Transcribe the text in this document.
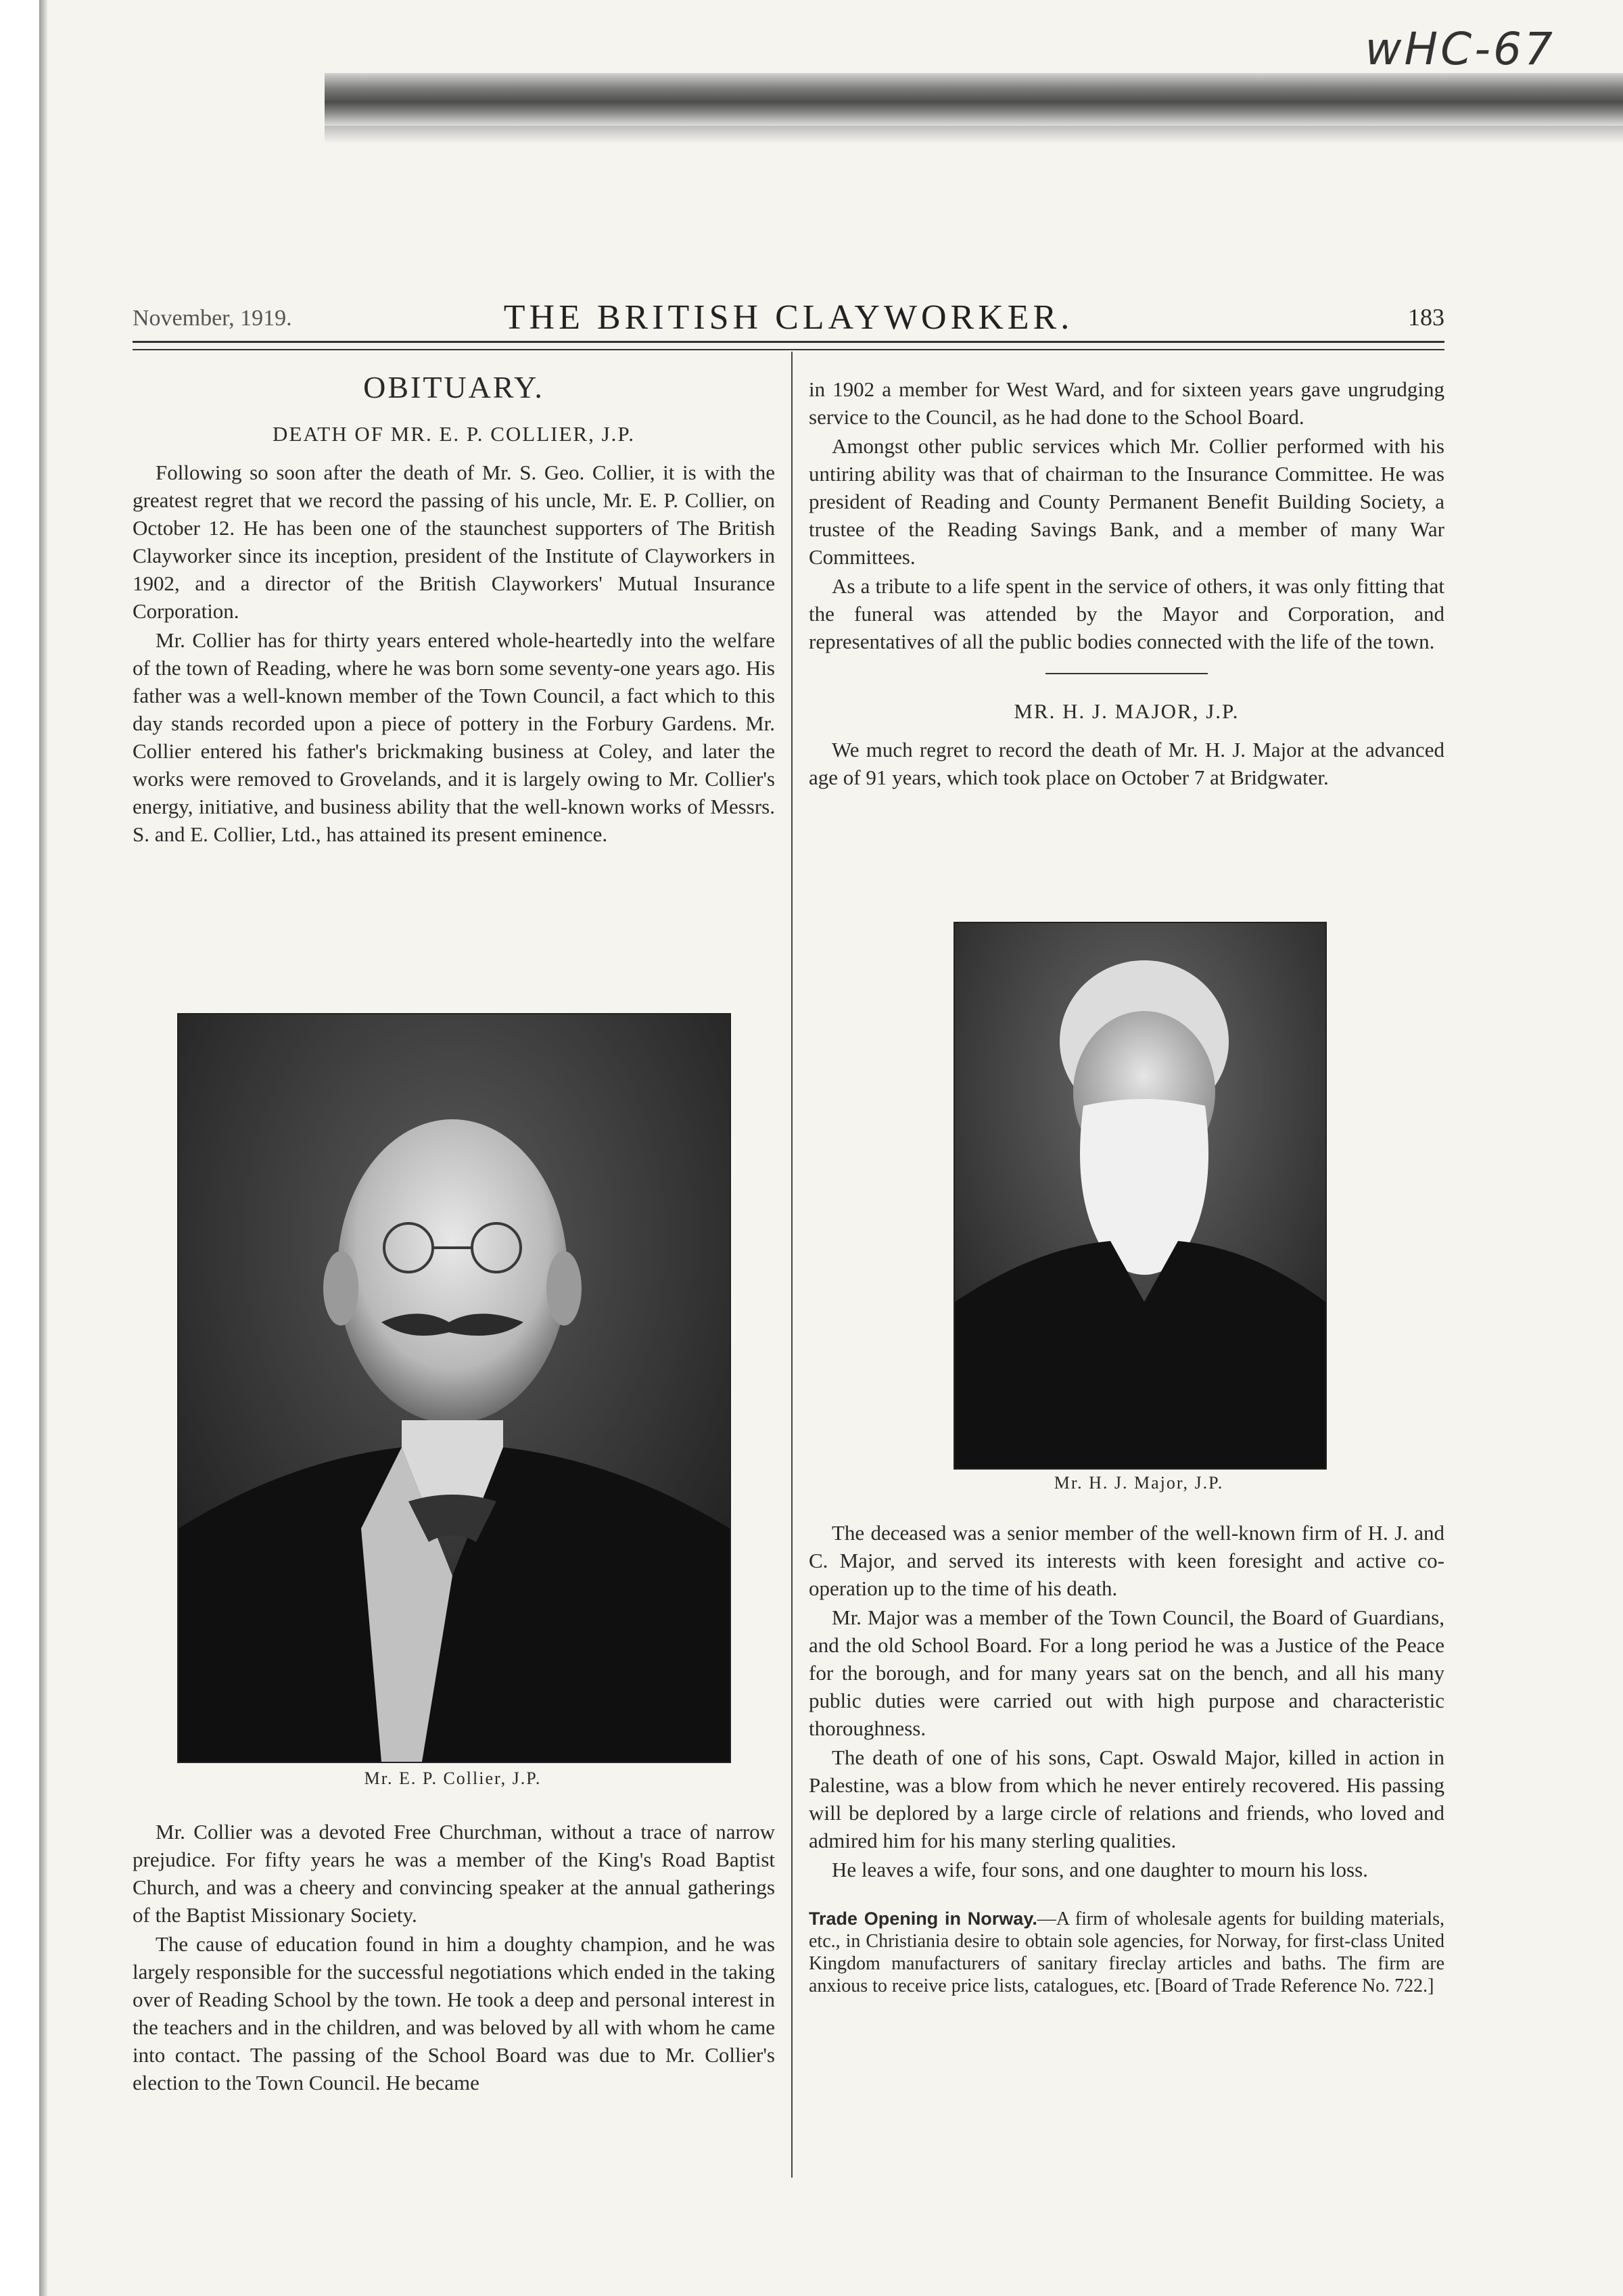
wHC-67
November, 1919.	THE BRITISH CLAYWORKER.	183
OBITUARY.
DEATH OF MR. E. P. COLLIER, J.P.

Following so soon after the death of Mr. S. Geo. Collier, it is with the greatest regret that we record the passing of his uncle, Mr. E. P. Collier, on October 12. He has been one of the staunchest supporters of The British Clayworker since its inception, president of the Institute of Clayworkers in 1902, and a director of the British Clayworkers' Mutual Insurance Corporation.

Mr. Collier has for thirty years entered whole-heartedly into the welfare of the town of Reading, where he was born some seventy-one years ago. His father was a well-known member of the Town Council, a fact which to this day stands recorded upon a piece of pottery in the Forbury Gardens. Mr. Collier entered his father's brickmaking business at Coley, and later the works were removed to Grovelands, and it is largely owing to Mr. Collier's energy, initiative, and business ability that the well-known works of Messrs. S. and E. Collier, Ltd., has attained its present eminence.

Mr. E. P. Collier, J.P.

Mr. Collier was a devoted Free Churchman, without a trace of narrow prejudice. For fifty years he was a member of the King's Road Baptist Church, and was a cheery and convincing speaker at the annual gatherings of the Baptist Missionary Society.

The cause of education found in him a doughty champion, and he was largely responsible for the successful negotiations which ended in the taking over of Reading School by the town. He took a deep and personal interest in the teachers and in the children, and was beloved by all with whom he came into contact. The passing of the School Board was due to Mr. Collier's election to the Town Council. He became

in 1902 a member for West Ward, and for sixteen years gave ungrudging service to the Council, as he had done to the School Board.

Amongst other public services which Mr. Collier performed with his untiring ability was that of chairman to the Insurance Committee. He was president of Reading and County Permanent Benefit Building Society, a trustee of the Reading Savings Bank, and a member of many War Committees.

As a tribute to a life spent in the service of others, it was only fitting that the funeral was attended by the Mayor and Corporation, and representatives of all the public bodies connected with the life of the town.

MR. H. J. MAJOR, J.P.

We much regret to record the death of Mr. H. J. Major at the advanced age of 91 years, which took place on October 7 at Bridgwater.

Mr. H. J. Major, J.P.

The deceased was a senior member of the well-known firm of H. J. and C. Major, and served its interests with keen foresight and active co-operation up to the time of his death.

Mr. Major was a member of the Town Council, the Board of Guardians, and the old School Board. For a long period he was a Justice of the Peace for the borough, and for many years sat on the bench, and all his many public duties were carried out with high purpose and characteristic thoroughness.

The death of one of his sons, Capt. Oswald Major, killed in action in Palestine, was a blow from which he never entirely recovered. His passing will be deplored by a large circle of relations and friends, who loved and admired him for his many sterling qualities.

He leaves a wife, four sons, and one daughter to mourn his loss.

Trade Opening in Norway.—A firm of wholesale agents for building materials, etc., in Christiania desire to obtain sole agencies, for Norway, for first-class United Kingdom manufacturers of sanitary fireclay articles and baths. The firm are anxious to receive price lists, catalogues, etc. [Board of Trade Reference No. 722.]
